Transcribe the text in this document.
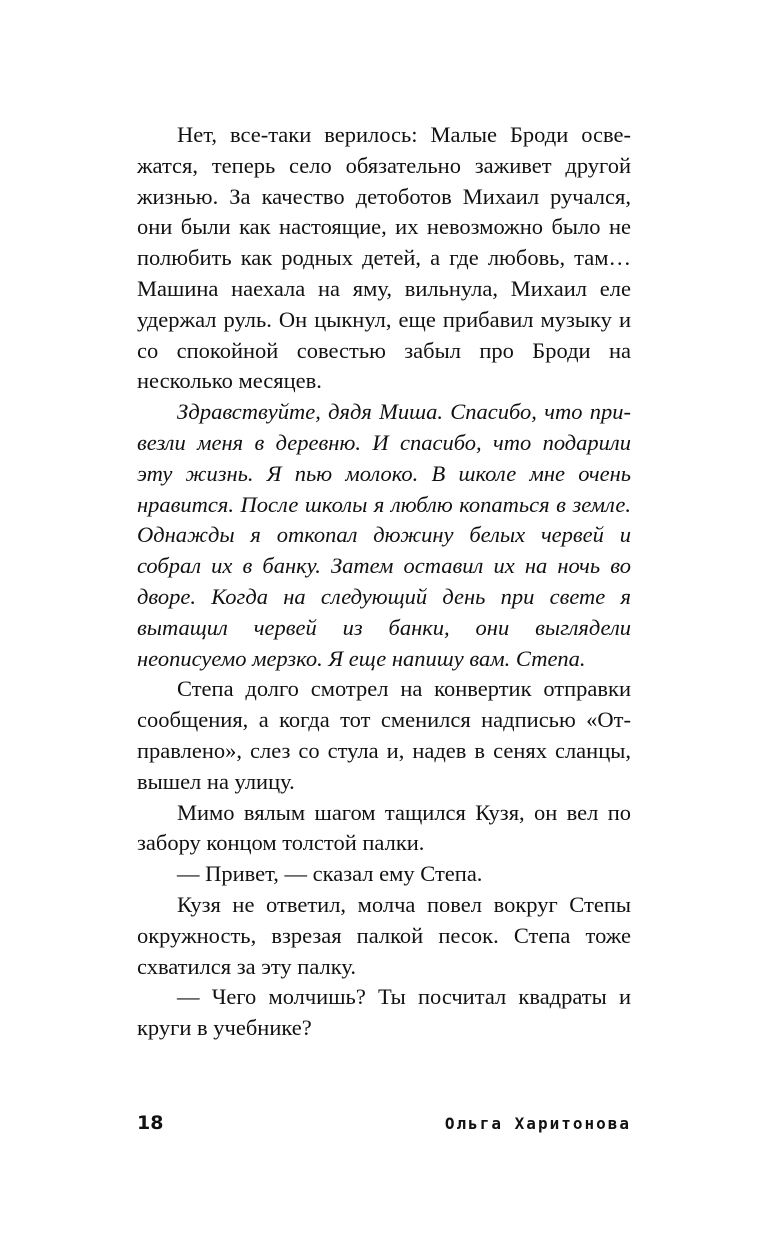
Нет, все-таки верилось: Малые Броди освежатся, теперь село обязательно заживет другой жизнью. За качество детоботов Михаил ручался, они были как настоящие, их невозможно было не полюбить как родных детей, а где любовь, там… Машина наехала на яму, вильнула, Михаил еле удержал руль. Он цыкнул, еще прибавил музыку и со спокойной совестью забыл про Броди на несколько месяцев.

Здравствуйте, дядя Миша. Спасибо, что привезли меня в деревню. И спасибо, что подарили эту жизнь. Я пью молоко. В школе мне очень нравится. После школы я люблю копаться в земле. Однажды я откопал дюжину белых червей и собрал их в банку. Затем оставил их на ночь во дворе. Когда на следующий день при свете я вытащил червей из банки, они выглядели неописуемо мерзко. Я еще напишу вам. Степа.

Степа долго смотрел на конвертик отправки сообщения, а когда тот сменился надписью «Отправлено», слез со стула и, надев в сенях сланцы, вышел на улицу.

Мимо вялым шагом тащился Кузя, он вел по забору концом толстой палки.

— Привет, — сказал ему Степа.

Кузя не ответил, молча повел вокруг Степы окружность, взрезая палкой песок. Степа тоже схватился за эту палку.

— Чего молчишь? Ты посчитал квадраты и круги в учебнике?

18	Ольга Харитонова
